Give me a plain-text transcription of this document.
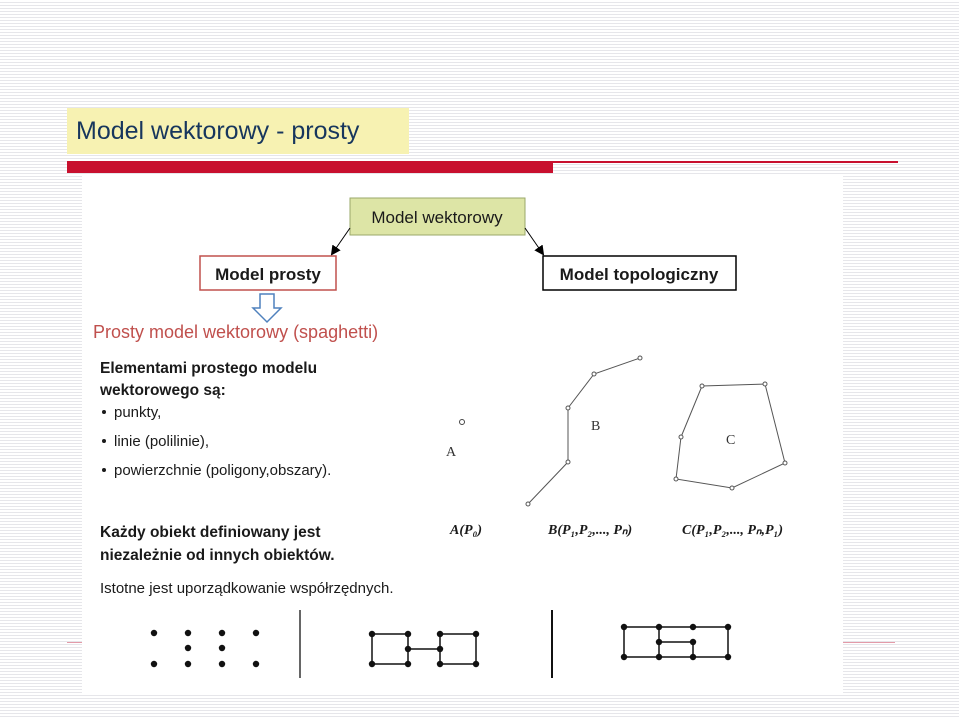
Model wektorowy - prosty
Model wektorowy
Model prosty	Model topologiczny
Prosty model wektorowy (spaghetti)
Elementami prostego modelu
wektorowego są:
punkty,
linie (polilinie),
powierzchnie (poligony,obszary).
Każdy obiekt definiowany jest
niezależnie od innych obiektów.
Istotne jest uporządkowanie współrzędnych.
A
B
C
A(P₀)	B(P₁,P₂,..., Pₙ)	C(P₁,P₂,..., Pₙ,P₁)
